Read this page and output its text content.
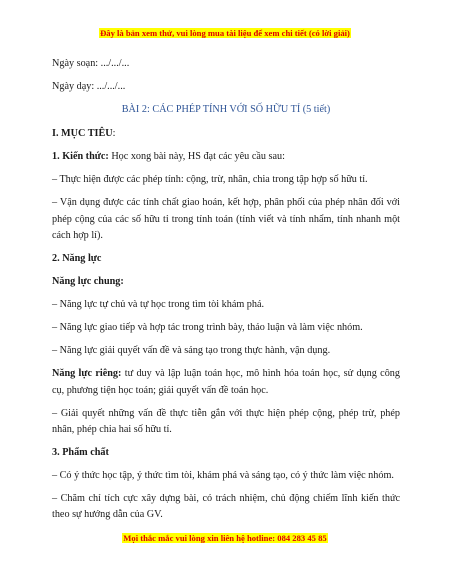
Đây là bản xem thử, vui lòng mua tài liệu để xem chi tiết (có lời giải)

Ngày soạn: .../.../...

Ngày dạy: .../.../...

BÀI 2: CÁC PHÉP TÍNH VỚI SỐ HỮU TỈ (5 tiết)

I. MỤC TIÊU:

1. Kiến thức: Học xong bài này, HS đạt các yêu cầu sau:

– Thực hiện được các phép tính: cộng, trừ, nhân, chia trong tập hợp số hữu tỉ.

– Vận dụng được các tính chất giao hoán, kết hợp, phân phối của phép nhân đối với phép cộng của các số hữu tỉ trong tính toán (tính viết và tính nhẩm, tính nhanh một cách hợp lí).

2. Năng lực

Năng lực chung:

– Năng lực tự chủ và tự học trong tìm tòi khám phá.

– Năng lực giao tiếp và hợp tác trong trình bày, thảo luận và làm việc nhóm.

– Năng lực giải quyết vấn đề và sáng tạo trong thực hành, vận dụng.

Năng lực riêng: tư duy và lập luận toán học, mô hình hóa toán học, sử dụng công cụ, phương tiện học toán; giải quyết vấn đề toán học.

– Giải quyết những vấn đề thực tiễn gắn với thực hiện phép cộng, phép trừ, phép nhân, phép chia hai số hữu tỉ.

3. Phẩm chất

– Có ý thức học tập, ý thức tìm tòi, khám phá và sáng tạo, có ý thức làm việc nhóm.

– Chăm chỉ tích cực xây dựng bài, có trách nhiệm, chủ động chiếm lĩnh kiến thức theo sự hướng dẫn của GV.

Mọi thắc mắc vui lòng xin liên hệ hotline: 084 283 45 85
